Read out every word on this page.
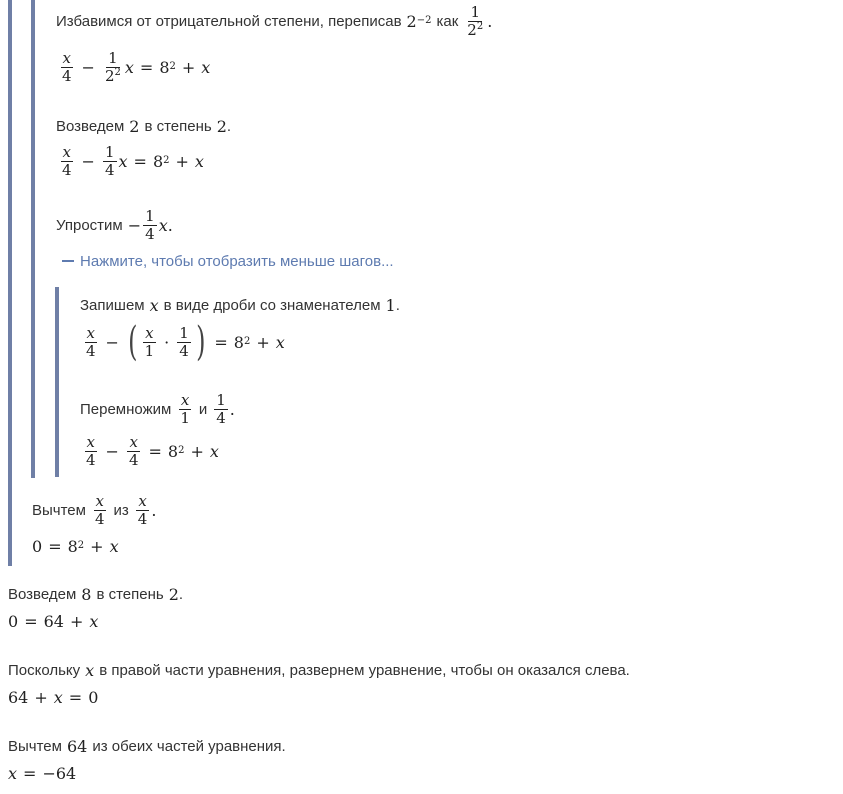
Избавимся от отрицательной степени, переписав 2 −2 как $\frac{1}{2^2}$ .
$\frac{x}{4} - \frac{1}{2^2}$ x = 8 2 + x
Возведем 2 в степень 2 .
$\frac{x}{4} - \frac{1}{4}$ x = 8 2 + x
Упростим − $\frac{1}{4}$ x .
Нажмите, чтобы отобразить меньше шагов...
Запишем x в виде дроби со знаменателем 1 .
$\frac{x}{4}$ − ( $\frac{x}{1} \cdot \frac{1}{4}$ ) = 8 2 + x
Перемножим $\frac{x}{1}$ и $\frac{1}{4}$ .
$\frac{x}{4} - \frac{x}{4} = 8$ 2 + x
Вычтем $\frac{x}{4}$ из $\frac{x}{4}$ .
0 = 8 2 + x
Возведем 8 в степень 2 .
0 = 64 + x
Поскольку x в правой части уравнения, развернем уравнение, чтобы он оказался слева.
64 + x = 0
Вычтем 64 из обеих частей уравнения.
x = −64
